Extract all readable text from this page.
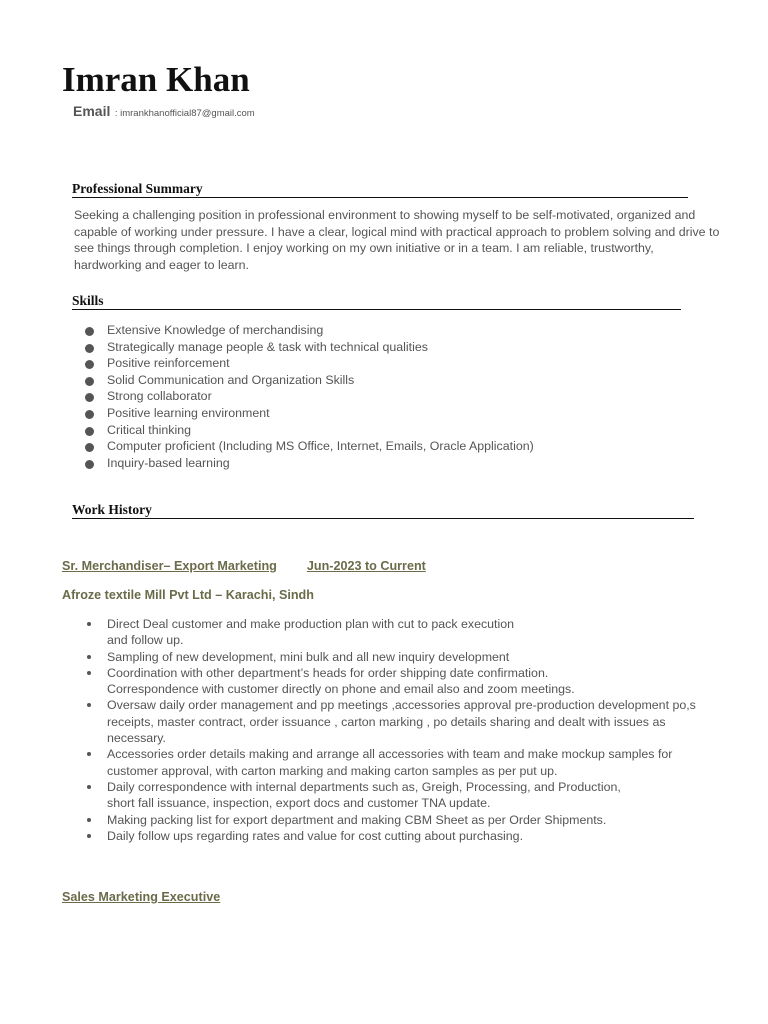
Imran Khan
Email : imrankhanofficial87@gmail.com
Professional Summary

Seeking a challenging position in professional environment to showing myself to be self-motivated, organized and capable of working under pressure. I have a clear, logical mind with practical approach to problem solving and drive to see things through completion. I enjoy working on my own initiative or in a team. I am reliable, trustworthy, hardworking and eager to learn.

Skills
Extensive Knowledge of merchandising
Strategically manage people & task with technical qualities
Positive reinforcement
Solid Communication and Organization Skills
Strong collaborator
Positive learning environment
Critical thinking
Computer proficient (Including MS Office, Internet, Emails, Oracle Application)
Inquiry-based learning
Work History
Sr. Merchandiser– Export Marketing Jun-2023 to Current
Afroze textile Mill Pvt Ltd – Karachi, Sindh
Direct Deal customer and make production plan with cut to pack execution
and follow up.
Sampling of new development, mini bulk and all new inquiry development
Coordination with other department’s heads for order shipping date confirmation.
Correspondence with customer directly on phone and email also and zoom meetings.
Oversaw daily order management and pp meetings ,accessories approval pre-production development po,s receipts, master contract, order issuance , carton marking , po details sharing and dealt with issues as necessary.
Accessories order details making and arrange all accessories with team and make mockup samples for customer approval, with carton marking and making carton samples as per put up.
Daily correspondence with internal departments such as, Greigh, Processing, and Production,
short fall issuance, inspection, export docs and customer TNA update.
Making packing list for export department and making CBM Sheet as per Order Shipments.
Daily follow ups regarding rates and value for cost cutting about purchasing.
Sales Marketing Executive
